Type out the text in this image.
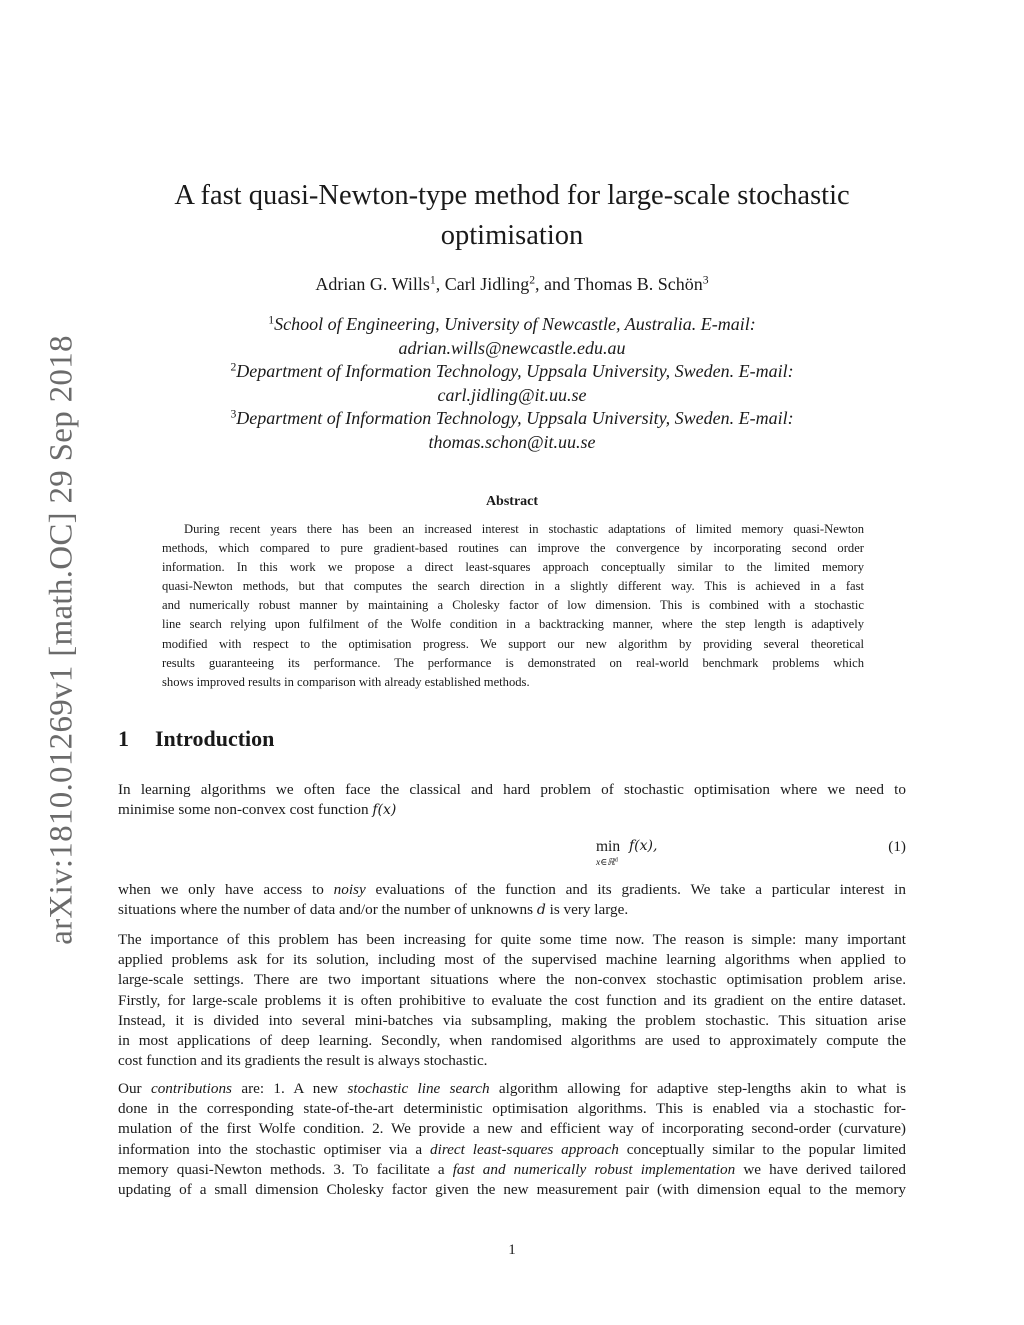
arXiv:1810.01269v1 [math.OC] 29 Sep 2018
A fast quasi-Newton-type method for large-scale stochastic
optimisation
Adrian G. Wills$^1$, Carl Jidling$^2$, and Thomas B. Schön$^3$
$^1$School of Engineering, University of Newcastle, Australia. E-mail:
adrian.wills@newcastle.edu.au
$^2$Department of Information Technology, Uppsala University, Sweden. E-mail:
carl.jidling@it.uu.se
$^3$Department of Information Technology, Uppsala University, Sweden. E-mail:
thomas.schon@it.uu.se
Abstract
During recent years there has been an increased interest in stochastic adaptations of limited memory quasi-Newton
methods, which compared to pure gradient-based routines can improve the convergence by incorporating second order
information. In this work we propose a direct least-squares approach conceptually similar to the limited memory
quasi-Newton methods, but that computes the search direction in a slightly different way. This is achieved in a fast
and numerically robust manner by maintaining a Cholesky factor of low dimension. This is combined with a stochastic
line search relying upon fulfilment of the Wolfe condition in a backtracking manner, where the step length is adaptively
modified with respect to the optimisation progress. We support our new algorithm by providing several theoretical
results guaranteeing its performance. The performance is demonstrated on real-world benchmark problems which
shows improved results in comparison with already established methods.
1 Introduction
In learning algorithms we often face the classical and hard problem of stochastic optimisation where we need to
minimise some non-convex cost function f(x)
min
x∈ℝ$^d$
f(x),	(1)
when we only have access to noisy evaluations of the function and its gradients. We take a particular interest in
situations where the number of data and/or the number of unknowns d is very large.
The importance of this problem has been increasing for quite some time now. The reason is simple: many important
applied problems ask for its solution, including most of the supervised machine learning algorithms when applied to
large-scale settings. There are two important situations where the non-convex stochastic optimisation problem arise.
Firstly, for large-scale problems it is often prohibitive to evaluate the cost function and its gradient on the entire dataset.
Instead, it is divided into several mini-batches via subsampling, making the problem stochastic. This situation arise
in most applications of deep learning. Secondly, when randomised algorithms are used to approximately compute the
cost function and its gradients the result is always stochastic.
Our contributions are: 1. A new stochastic line search algorithm allowing for adaptive step-lengths akin to what is
done in the corresponding state-of-the-art deterministic optimisation algorithms. This is enabled via a stochastic for-
mulation of the first Wolfe condition. 2. We provide a new and efficient way of incorporating second-order (curvature)
information into the stochastic optimiser via a direct least-squares approach conceptually similar to the popular limited
memory quasi-Newton methods. 3. To facilitate a fast and numerically robust implementation we have derived tailored
updating of a small dimension Cholesky factor given the new measurement pair (with dimension equal to the memory
1
